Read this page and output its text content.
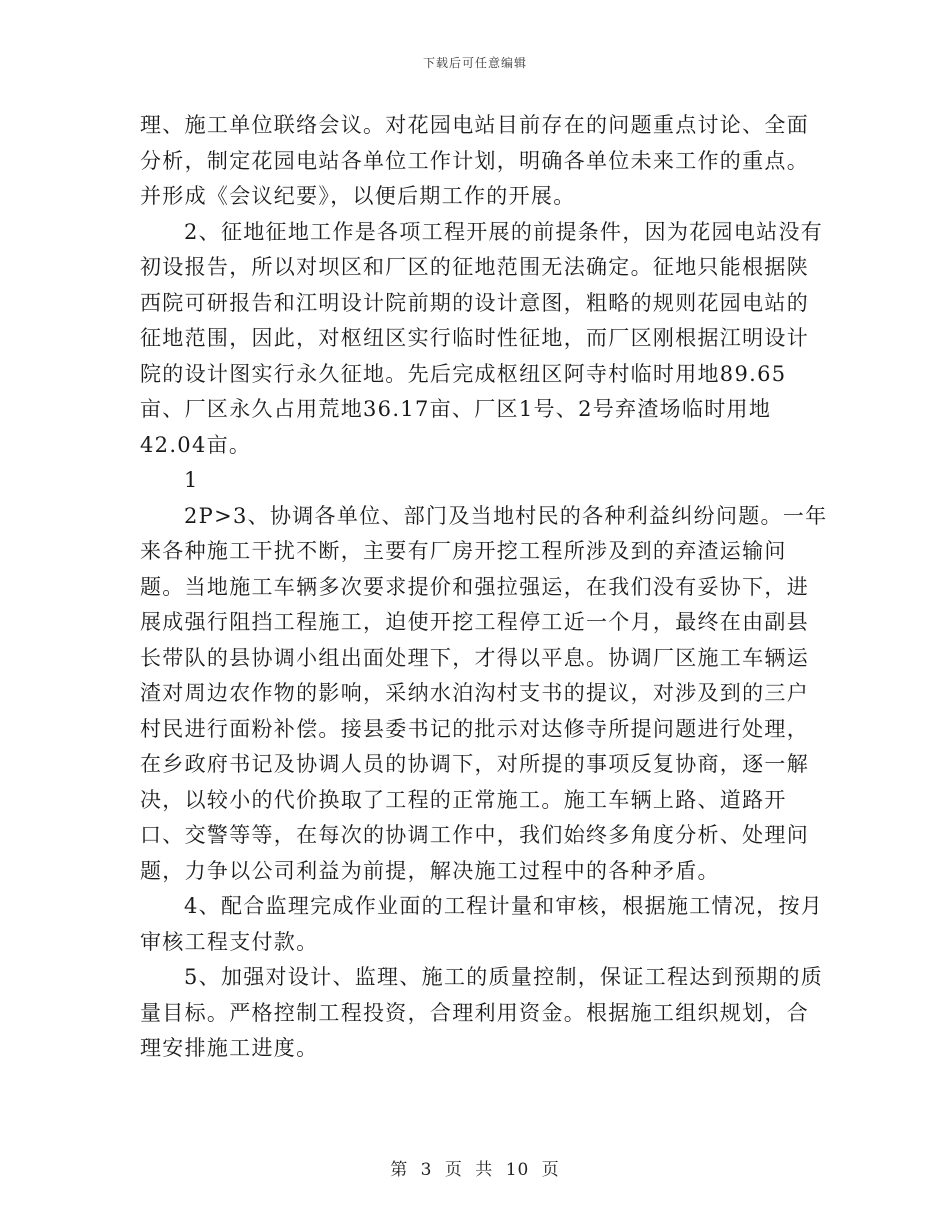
下载后可任意编辑

理、施工单位联络会议。对花园电站目前存在的问题重点讨论、全面分析，制定花园电站各单位工作计划，明确各单位未来工作的重点。并形成《会议纪要》，以便后期工作的开展。

2、征地征地工作是各项工程开展的前提条件，因为花园电站没有初设报告，所以对坝区和厂区的征地范围无法确定。征地只能根据陕西院可研报告和江明设计院前期的设计意图，粗略的规则花园电站的征地范围，因此，对枢纽区实行临时性征地，而厂区刚根据江明设计院的设计图实行永久征地。先后完成枢纽区阿寺村临时用地89.65亩、厂区永久占用荒地36.17亩、厂区1号、2号弃渣场临时用地42.04亩。

1

2P>3、协调各单位、部门及当地村民的各种利益纠纷问题。一年来各种施工干扰不断，主要有厂房开挖工程所涉及到的弃渣运输问题。当地施工车辆多次要求提价和强拉强运，在我们没有妥协下，进展成强行阻挡工程施工，迫使开挖工程停工近一个月，最终在由副县长带队的县协调小组出面处理下，才得以平息。协调厂区施工车辆运渣对周边农作物的影响，采纳水泊沟村支书的提议，对涉及到的三户村民进行面粉补偿。接县委书记的批示对达修寺所提问题进行处理，在乡政府书记及协调人员的协调下，对所提的事项反复协商，逐一解决，以较小的代价换取了工程的正常施工。施工车辆上路、道路开口、交警等等，在每次的协调工作中，我们始终多角度分析、处理问题，力争以公司利益为前提，解决施工过程中的各种矛盾。

4、配合监理完成作业面的工程计量和审核，根据施工情况，按月审核工程支付款。

5、加强对设计、监理、施工的质量控制，保证工程达到预期的质量目标。严格控制工程投资，合理利用资金。根据施工组织规划，合理安排施工进度。

第 3 页 共 10 页
